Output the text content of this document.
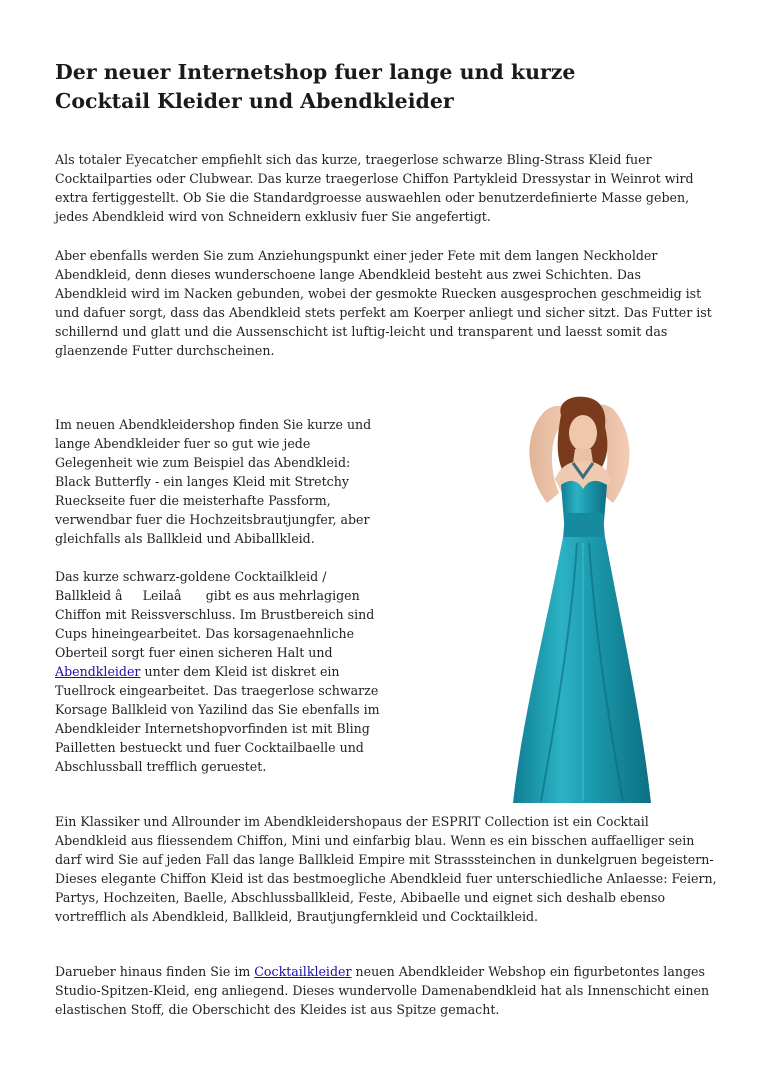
Der neuer Internetshop fuer lange und kurze Cocktail Kleider und Abendkleider

Als totaler Eyecatcher empfiehlt sich das kurze, traegerlose schwarze Bling-Strass Kleid fuer Cocktailparties oder Clubwear. Das kurze traegerlose Chiffon Partykleid Dressystar in Weinrot wird extra fertiggestellt. Ob Sie die Standardgroesse auswaehlen oder benutzerdefinierte Masse geben, jedes Abendkleid wird von Schneidern exklusiv fuer Sie angefertigt.

Aber ebenfalls werden Sie zum Anziehungspunkt einer jeder Fete mit dem langen Neckholder Abendkleid, denn dieses wunderschoene lange Abendkleid besteht aus zwei Schichten. Das Abendkleid wird im Nacken gebunden, wobei der gesmokte Ruecken ausgesprochen geschmeidig ist und dafuer sorgt, dass das Abendkleid stets perfekt am Koerper anliegt und sicher sitzt. Das Futter ist schillernd und glatt und die Aussenschicht ist luftig-leicht und transparent und laesst somit das glaenzende Futter durchscheinen.

Im neuen Abendkleidershop finden Sie kurze und lange Abendkleider fuer so gut wie jede Gelegenheit wie zum Beispiel das Abendkleid: Black Butterfly - ein langes Kleid mit Stretchy Rueckseite fuer die meisterhafte Passform, verwendbar fuer die Hochzeitsbrautjungfer, aber gleichfalls als Ballkleid und Abiballkleid.

Das kurze schwarz-goldene Cocktailkleid / Ballkleid âLeilaâ gibt es aus mehrlagigen Chiffon mit Reissverschluss. Im Brustbereich sind Cups hineingearbeitet. Das korsagenaehnliche Oberteil sorgt fuer einen sicheren Halt und Abendkleider unter dem Kleid ist diskret ein Tuellrock eingearbeitet. Das traegerlose schwarze Korsage Ballkleid von Yazilind das Sie ebenfalls im Abendkleider Internetshopvorfinden ist mit Bling Pailletten bestueckt und fuer Cocktailbaelle und Abschlussball trefflich geruestet.

Ein Klassiker und Allrounder im Abendkleidershopaus der ESPRIT Collection ist ein Cocktail Abendkleid aus fliessendem Chiffon, Mini und einfarbig blau. Wenn es ein bisschen auffaelliger sein darf wird Sie auf jeden Fall das lange Ballkleid Empire mit Strasssteinchen in dunkelgruen begeistern- Dieses elegante Chiffon Kleid ist das bestmoegliche Abendkleid fuer unterschiedliche Anlaesse: Feiern, Partys, Hochzeiten, Baelle, Abschlussballkleid, Feste, Abibaelle und eignet sich deshalb ebenso vortrefflich als Abendkleid, Ballkleid, Brautjungfernkleid und Cocktailkleid.

Darueber hinaus finden Sie im Cocktailkleider neuen Abendkleider Webshop ein figurbetontes langes Studio-Spitzen-Kleid, eng anliegend. Dieses wundervolle Damenabendkleid hat als Innenschicht einen elastischen Stoff, die Oberschicht des Kleides ist aus Spitze gemacht.
